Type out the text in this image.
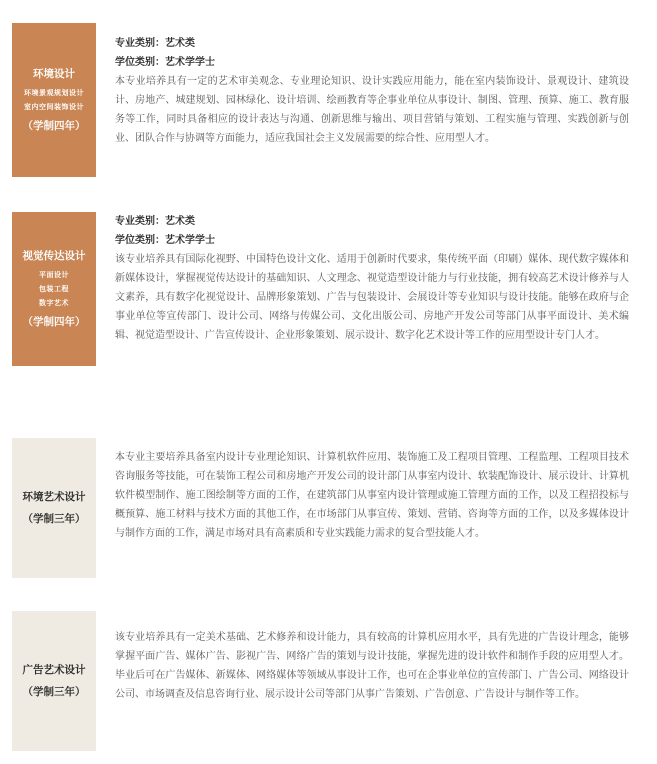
环境设计
环境景观规划设计
室内空间装饰设计
（学制四年）
专业类别：艺术类
学位类别：艺术学学士

本专业培养具有一定的艺术审美观念、专业理论知识、设计实践应用能力，能在室内装饰设计、景观设计、建筑设计、房地产、城建规划、园林绿化、设计培训、绘画教育等企事业单位从事设计、制图、管理、预算、施工、教育服务等工作，同时具备相应的设计表达与沟通、创新思维与输出、项目营销与策划、工程实施与管理、实践创新与创业、团队合作与协调等方面能力，适应我国社会主义发展需要的综合性、应用型人才。

视觉传达设计
平面设计
包装工程
数字艺术
（学制四年）
专业类别：艺术类
学位类别：艺术学学士

该专业培养具有国际化视野、中国特色设计文化、适用于创新时代要求，集传统平面（印刷）媒体、现代数字媒体和新媒体设计，掌握视觉传达设计的基础知识、人文理念、视觉造型设计能力与行业技能，拥有较高艺术设计修养与人文素养，具有数字化视觉设计、品牌形象策划、广告与包装设计、会展设计等专业知识与设计技能。能够在政府与企事业单位等宣传部门、设计公司、网络与传媒公司、文化出版公司、房地产开发公司等部门从事平面设计、美术编辑、视觉造型设计、广告宣传设计、企业形象策划、展示设计、数字化艺术设计等工作的应用型设计专门人才。

环境艺术设计
（学制三年）

本专业主要培养具备室内设计专业理论知识、计算机软件应用、装饰施工及工程项目管理、工程监理、工程项目技术咨询服务等技能，可在装饰工程公司和房地产开发公司的设计部门从事室内设计、软装配饰设计、展示设计、计算机软件模型制作、施工图绘制等方面的工作，在建筑部门从事室内设计管理或施工管理方面的工作，以及工程招投标与概预算、施工材料与技术方面的其他工作，在市场部门从事宣传、策划、营销、咨询等方面的工作，以及多媒体设计与制作方面的工作，满足市场对具有高素质和专业实践能力需求的复合型技能人才。

广告艺术设计
（学制三年）

该专业培养具有一定美术基础、艺术修养和设计能力，具有较高的计算机应用水平，具有先进的广告设计理念，能够掌握平面广告、媒体广告、影视广告、网络广告的策划与设计技能，掌握先进的设计软件和制作手段的应用型人才。毕业后可在广告媒体、新媒体、网络媒体等领域从事设计工作，也可在企事业单位的宣传部门、广告公司、网络设计公司、市场调查及信息咨询行业、展示设计公司等部门从事广告策划、广告创意、广告设计与制作等工作。
